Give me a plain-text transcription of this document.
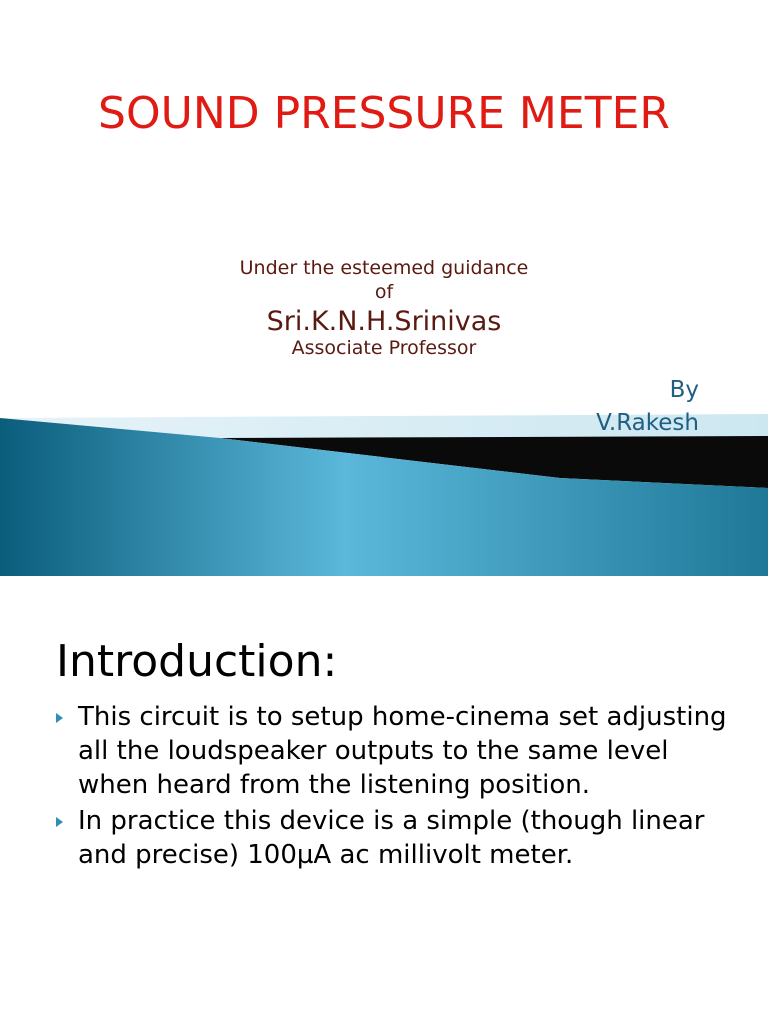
SOUND PRESSURE METER
Under the esteemed guidance
of
Sri.K.N.H.Srinivas
Associate Professor
By
V.Rakesh
Introduction:
This circuit is to setup home-cinema set adjusting all the loudspeaker outputs to the same level when heard from the listening position.
In practice this device is a simple (though linear and precise) 100µA ac millivolt meter.
